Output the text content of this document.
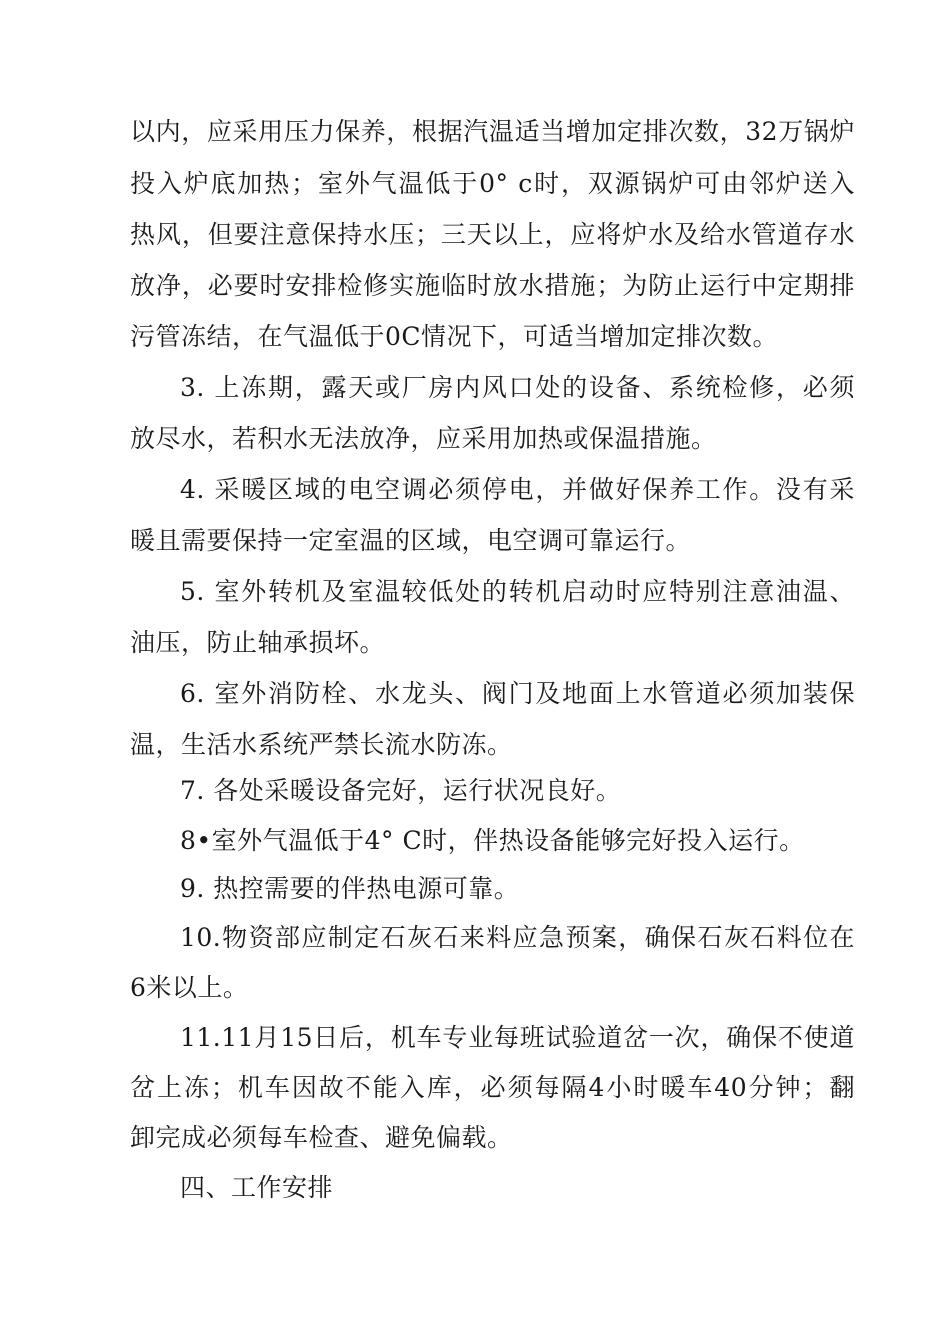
以内，应采用压力保养，根据汽温适当增加定排次数，32万锅炉
投入炉底加热；室外气温低于0° c时，双源锅炉可由邻炉送入
热风，但要注意保持水压；三天以上，应将炉水及给水管道存水
放净，必要时安排检修实施临时放水措施；为防止运行中定期排
污管冻结，在气温低于0C情况下，可适当增加定排次数。
3. 上冻期，露天或厂房内风口处的设备、系统检修，必须
放尽水，若积水无法放净，应采用加热或保温措施。
4. 采暖区域的电空调必须停电，并做好保养工作。没有采
暖且需要保持一定室温的区域，电空调可靠运行。
5. 室外转机及室温较低处的转机启动时应特别注意油温、
油压，防止轴承损坏。
6. 室外消防栓、水龙头、阀门及地面上水管道必须加装保
温，生活水系统严禁长流水防冻。
7. 各处采暖设备完好，运行状况良好。
8•室外气温低于4° C时，伴热设备能够完好投入运行。
9. 热控需要的伴热电源可靠。
10.物资部应制定石灰石来料应急预案，确保石灰石料位在
6米以上。
11.11月15日后，机车专业每班试验道岔一次，确保不使道
岔上冻；机车因故不能入库，必须每隔4小时暖车40分钟；翻
卸完成必须每车检查、避免偏载。
四、工作安排
